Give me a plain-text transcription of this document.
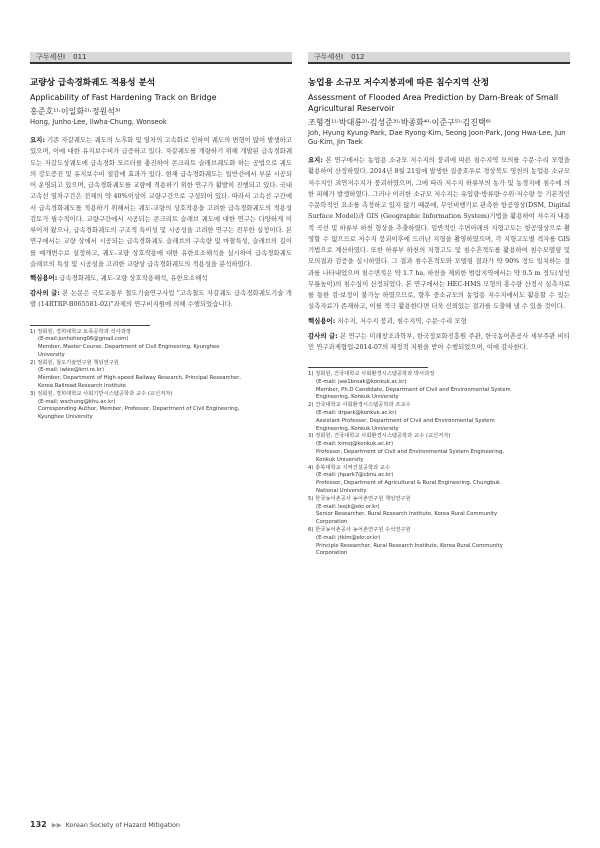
구두세션Ⅰ 011
교량상 급속경화궤도 적용성 분석
Applicability of Fast Hardening Track on Bridge
홍준호¹⁾·이일화²⁾·정원석³⁾
Hong, Junho·Lee, Ilwha·Chung, Wonseok
요지: 기존 자갈궤도는 궤도의 노후화 및 열차의 고속화로 인하여 궤도의 변형이 많이 발생하고 있으며, 이에 대한 유지보수비가 급증하고 있다. 자갈궤도를 개량하기 위해 개발된 급속경화궤도는 자갈도상궤도에 급속경화 모르터를 충진하여 콘크리트 슬래브궤도화 하는 공법으로 궤도의 강도증진 및 유지보수비 절감에 효과가 있다. 현재 급속경화궤도는 일반선에서 부분 시공되어 운영되고 있으며, 급속경화궤도를 교량에 적용하기 위한 연구가 활발히 진행되고 있다. 국내 고속선 열차구간은 전체의 약 40%이상이 교량구간으로 구성되어 있다. 따라서 고속선 구간에서 급속경화궤도를 적용하기 위해서는 궤도-교량의 상호작용을 고려한 급속경화궤도의 적용성 검토가 필수적이다. 교량구간에서 시공되는 콘크리트 슬래브 궤도에 대한 연구는 다양하게 이루어져 왔으나, 급속경화궤도의 구조적 특이성 및 시공성을 고려한 연구는 전무한 실정이다. 본 연구에서는 교량 상에서 시공되는 급속경화궤도 슬래브의 구속량 및 마찰특성, 슬래브의 길이를 매개변수로 설정하고, 궤도-교량 상호작용에 대한 유한요소해석을 실시하여 급속경화궤도 슬래브의 특성 및 시공성을 고려한 교량상 급속경화궤도의 적용성을 분석하였다.
핵심용어: 급속경화궤도, 궤도-교량 상호작용해석, 유한요소해석
감사의 글: 본 논문은 국토교통부 철도기술연구사업 "고속철도 자갈궤도 급속경화궤도기술 개발 (14RTRP-B065581-02)"과제의 연구비지원에 의해 수행되었습니다.
1) 정회원, 경희대학교 토목공학과 석사과정
(E-mail:junhohong06@gmail.com)
Member, Master Course, Department of Civil Engineering, Kyunghee
University
2) 정회원, 철도기술연구원 책임연구원
(E-mail: iwlee@krri.re.kr)
Member, Department of High-speed Railway Research, Principal Researcher,
Korea Railroad Research Institute
3) 정회원, 경희대학교 사회기반시스템공학과 교수 (교신저자)
(E-mail: wschung@khu.ac.kr)
Corresponding Author, Member, Professor, Department of Civil Engineering,
Kyunghee University
구두세션Ⅰ 012
농업용 소규모 저수지붕괴에 따른 침수지역 산정
Assessment of Flooded Area Prediction by Dam-Break of Small Agricultural Reservoir
조형경¹⁾·박대룡²⁾·김성준³⁾·박종화⁴⁾·이준구⁵⁾·김진택⁶⁾
Joh, Hyung Kyung·Park, Dae Ryong·Kim, Seong Joon·Park, Jong Hwa·Lee, Jun Gu·Kim, Jin Taek
요지: 본 연구에서는 농업용 소규모 저수지의 붕괴에 따른 침수지역 모의를 수문·수리 모형을 활용하여 산정하였다. 2014년 8월 21일에 발생한 집중호우로 경상북도 영천의 농업용 소규모 저수지인 괴연저수지가 붕괴하였으며, 그에 따라 저수지 하류부의 농가 및 농경지에 침수에 의한 피해가 발생하였다. 그러나 이러한 소규모 저수지는 유입량·방류량·수위·저수량 등 기본적인 수문학적인 요소를 측정하고 있지 않기 때문에, 무인비행기로 관측한 항공영상(DSM, Digital Surface Model)과 GIS (Geographic Information System)기법을 활용하여 저수지 내용적 곡선 및 하류부 하천 형상을 추출하였다. 일반적인 수면아래의 지형고도는 항공영상으로 촬영할 수 없으므로 저수지 붕괴이후에 드러난 지형을 촬영하였으며, 각 지형고도별 격자를 GIS기법으로 계산하였다. 또한 하류부 하천의 지형고도 및 침수흔적도를 활용하여 침수모델링 및 모의결과 검증을 실시하였다. 그 결과 침수흔적도와 모델링 결과가 약 90% 정도 일치하는 결과를 나타내었으며 침수면적은 약 1.7 ha, 하천을 제외한 범람지역에서는 약 0.5 m 정도(성인 무릎높이)의 침수심이 산정되었다. 본 연구에서는 HEC-HMS 모형의 홍수량 산정시 실측자료를 통한 검·보정이 불가능 하였으므로, 향후 중소규모의 농업용 저수지에서도 활용할 수 있는 실측자료가 존재하고, 이를 적극 활용한다면 더욱 신뢰있는 결과를 도출해 낼 수 있을 것이다.
핵심용어: 저수지, 저수지 붕괴, 침수지역, 수문·수리 모형
감사의 글: 본 연구는 미래창조과학부, 한국정보화진흥원 주관, 한국농어촌공사 세부주관 비티민 연구과제협업-2014-07의 재정적 지원을 받아 수행되었으며, 이에 감사한다.
1) 정회원, 건국대학교 사회환경시스템공학과 박사과정
(E-mail: jaw1break@konkuk.ac.kr)
Member, Ph.D Candidate, Department of Civil and Environmental System
Engineering, Konkuk University
2) 건국대학교 사회환경시스템공학과 조교수
(E-mail: drpark@konkuk.ac.kr)
Assistant Professor, Department of Civil and Environmental System
Engineering, Konkuk University
3) 정회원, 건국대학교 사회환경시스템공학과 교수 (교신저자)
(E-mail: kimsj@konkuk.ac.kr)
Professor, Department of Civil and Environmental System Engineering,
Konkuk University
4) 충북대학교 지역건설공학과 교수
(E-mail: jhpark7@cbnu.ac.kr)
Professor, Department of Agricultural & Rural Engineering, Chungbuk
National University
5) 한국농어촌공사 농어촌연구원 책임연구원
(E-mail: leejk@ekr.or.kr)
Senior Researcher, Rural Research Institute, Korea Rural Community
Corporation
6) 한국농어촌공사 농어촌연구원 수석연구원
(E-mail: jtkim@ekr.or.kr)
Principle Researcher, Rural Research Institute, Korea Rural Community
Corporation
132 ▶▶ Korean Society of Hazard Mitigation
